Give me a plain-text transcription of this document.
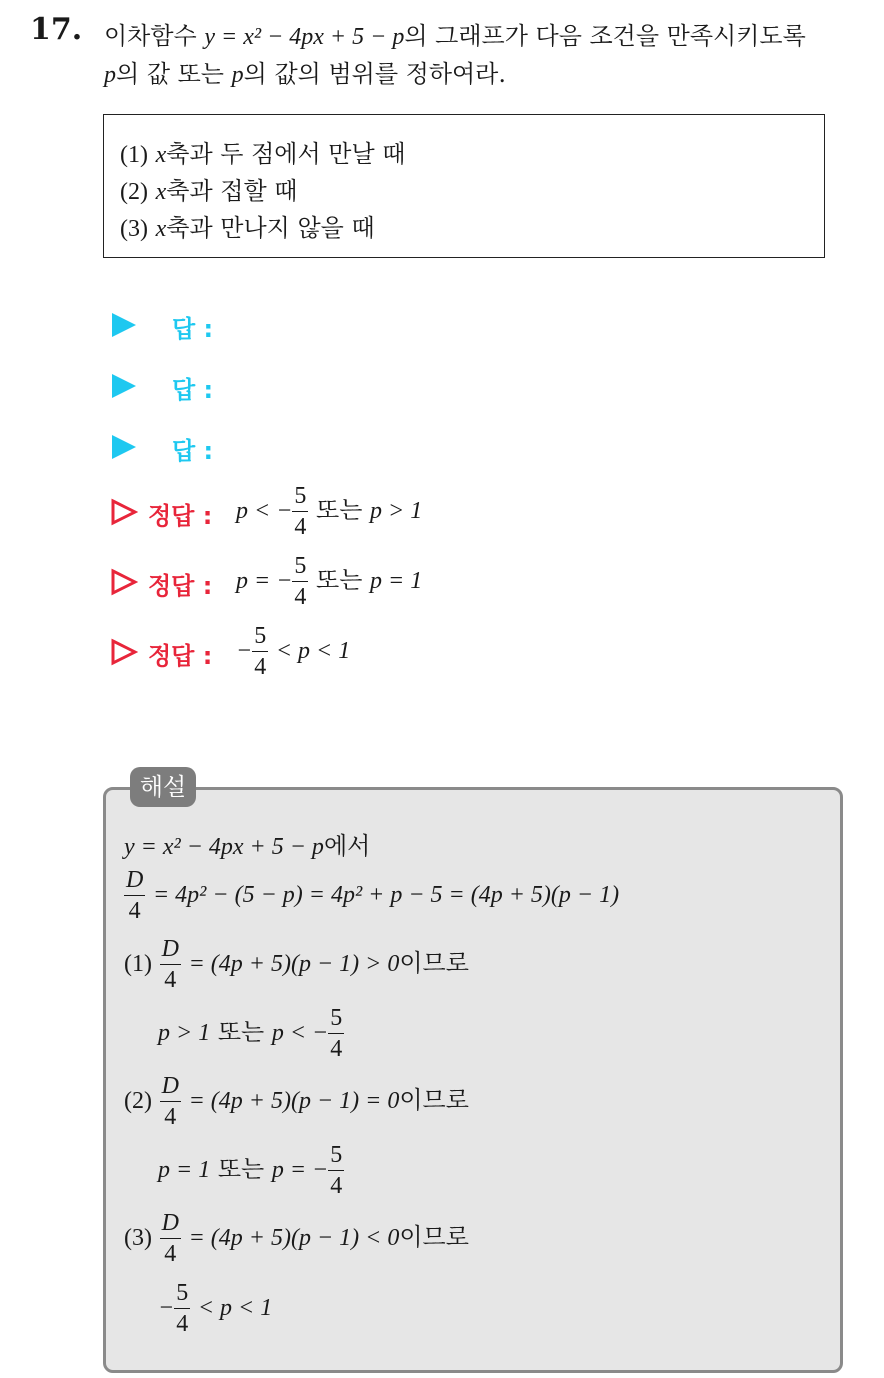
17. 이차함수 y = x² − 4px + 5 − p의 그래프가 다음 조건을 만족시키도록
p의 값 또는 p의 값의 범위를 정하여라.
(1) x축과 두 점에서 만날 때
(2) x축과 접할 때
(3) x축과 만나지 않을 때
답 :
답 :
답 :
정답 : p < − $\frac{5}{4}$ 또는 p > 1
정답 : p = − $\frac{5}{4}$ 또는 p = 1
정답 : − $\frac{5}{4} < p < 1$
해설
y = x² − 4px + 5 − p에서
$\frac{D}{4} = 4p^2 - (5 - p) = 4p^2 + p - 5 = (4p + 5)(p - 1)$
$(1) \frac{D}{4} = (4p + 5)(p - 1) > 0$이므로
p > 1 또는 p < − $\frac{5}{4}$
$(2) \frac{D}{4} = (4p + 5)(p - 1) = 0$이므로
p = 1 또는 p = − $\frac{5}{4}$
$(3) \frac{D}{4} = (4p + 5)(p - 1) < 0$이므로
− $\frac{5}{4} < p < 1$
